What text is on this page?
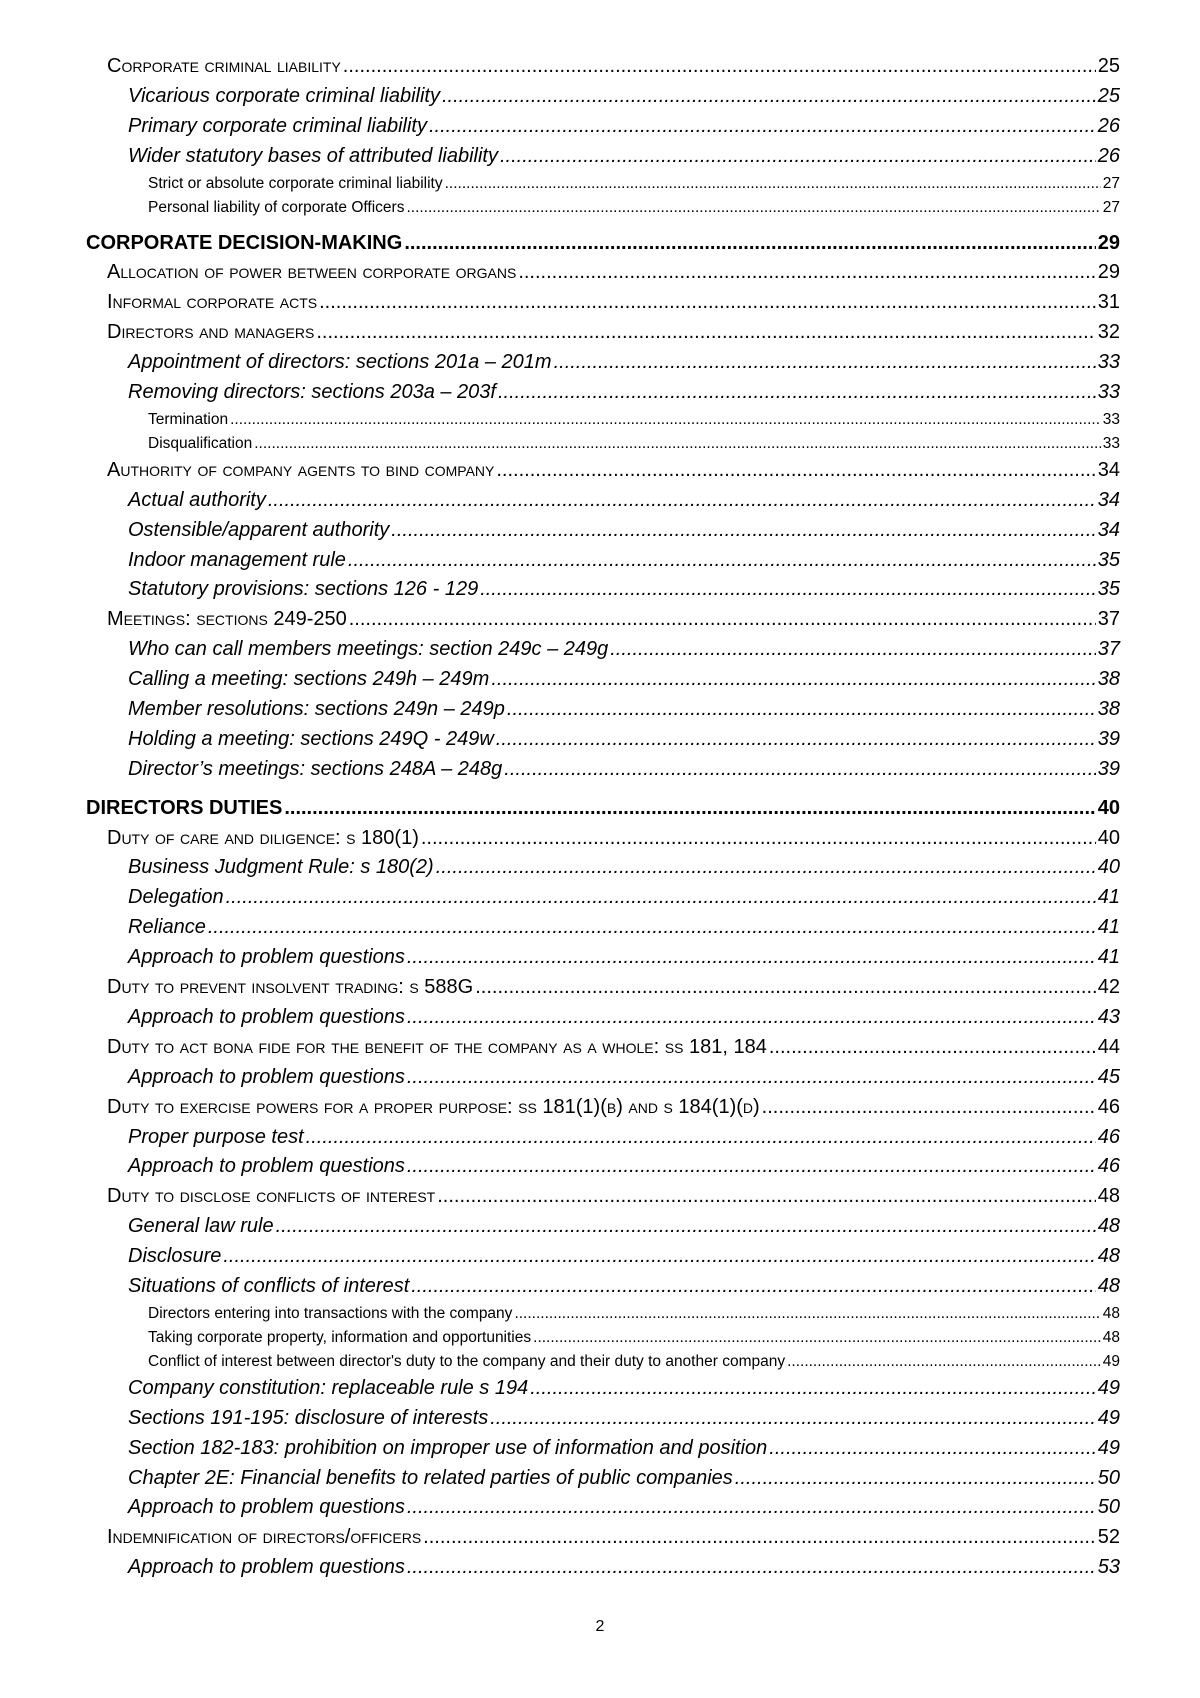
Corporate criminal liability .....	25
Vicarious corporate criminal liability .....	25
Primary corporate criminal liability .....	26
Wider statutory bases of attributed liability .....	26
Strict or absolute corporate criminal liability .....	27
Personal liability of corporate Officers .....	27
CORPORATE DECISION-MAKING .....	29
Allocation of power between corporate organs .....	29
Informal corporate acts .....	31
Directors and managers .....	32
Appointment of directors: sections 201a – 201m .....	33
Removing directors: sections 203a – 203f .....	33
Termination .....	33
Disqualification .....	33
Authority of company agents to bind company .....	34
Actual authority .....	34
Ostensible/apparent authority .....	34
Indoor management rule .....	35
Statutory provisions: sections 126 - 129 .....	35
Meetings: sections 249-250 .....	37
Who can call members meetings: section 249c – 249g .....	37
Calling a meeting: sections 249h – 249m .....	38
Member resolutions: sections 249n – 249p .....	38
Holding a meeting: sections 249Q - 249w .....	39
Director’s meetings: sections 248A – 248g .....	39
DIRECTORS DUTIES .....	40
Duty of care and diligence: s 180(1) .....	40
Business Judgment Rule: s 180(2) .....	40
Delegation .....	41
Reliance .....	41
Approach to problem questions .....	41
Duty to prevent insolvent trading: s 588G .....	42
Approach to problem questions .....	43
Duty to act bona fide for the benefit of the company as a whole: ss 181, 184 .....	44
Approach to problem questions .....	45
Duty to exercise powers for a proper purpose: ss 181(1)(b) and s 184(1)(d) .....	46
Proper purpose test .....	46
Approach to problem questions .....	46
Duty to disclose conflicts of interest .....	48
General law rule .....	48
Disclosure .....	48
Situations of conflicts of interest .....	48
Directors entering into transactions with the company .....	48
Taking corporate property, information and opportunities .....	48
Conflict of interest between director's duty to the company and their duty to another company .....	49
Company constitution: replaceable rule s 194 .....	49
Sections 191-195: disclosure of interests .....	49
Section 182-183: prohibition on improper use of information and position .....	49
Chapter 2E: Financial benefits to related parties of public companies .....	50
Approach to problem questions .....	50
Indemnification of directors/officers .....	52
Approach to problem questions .....	53
2
